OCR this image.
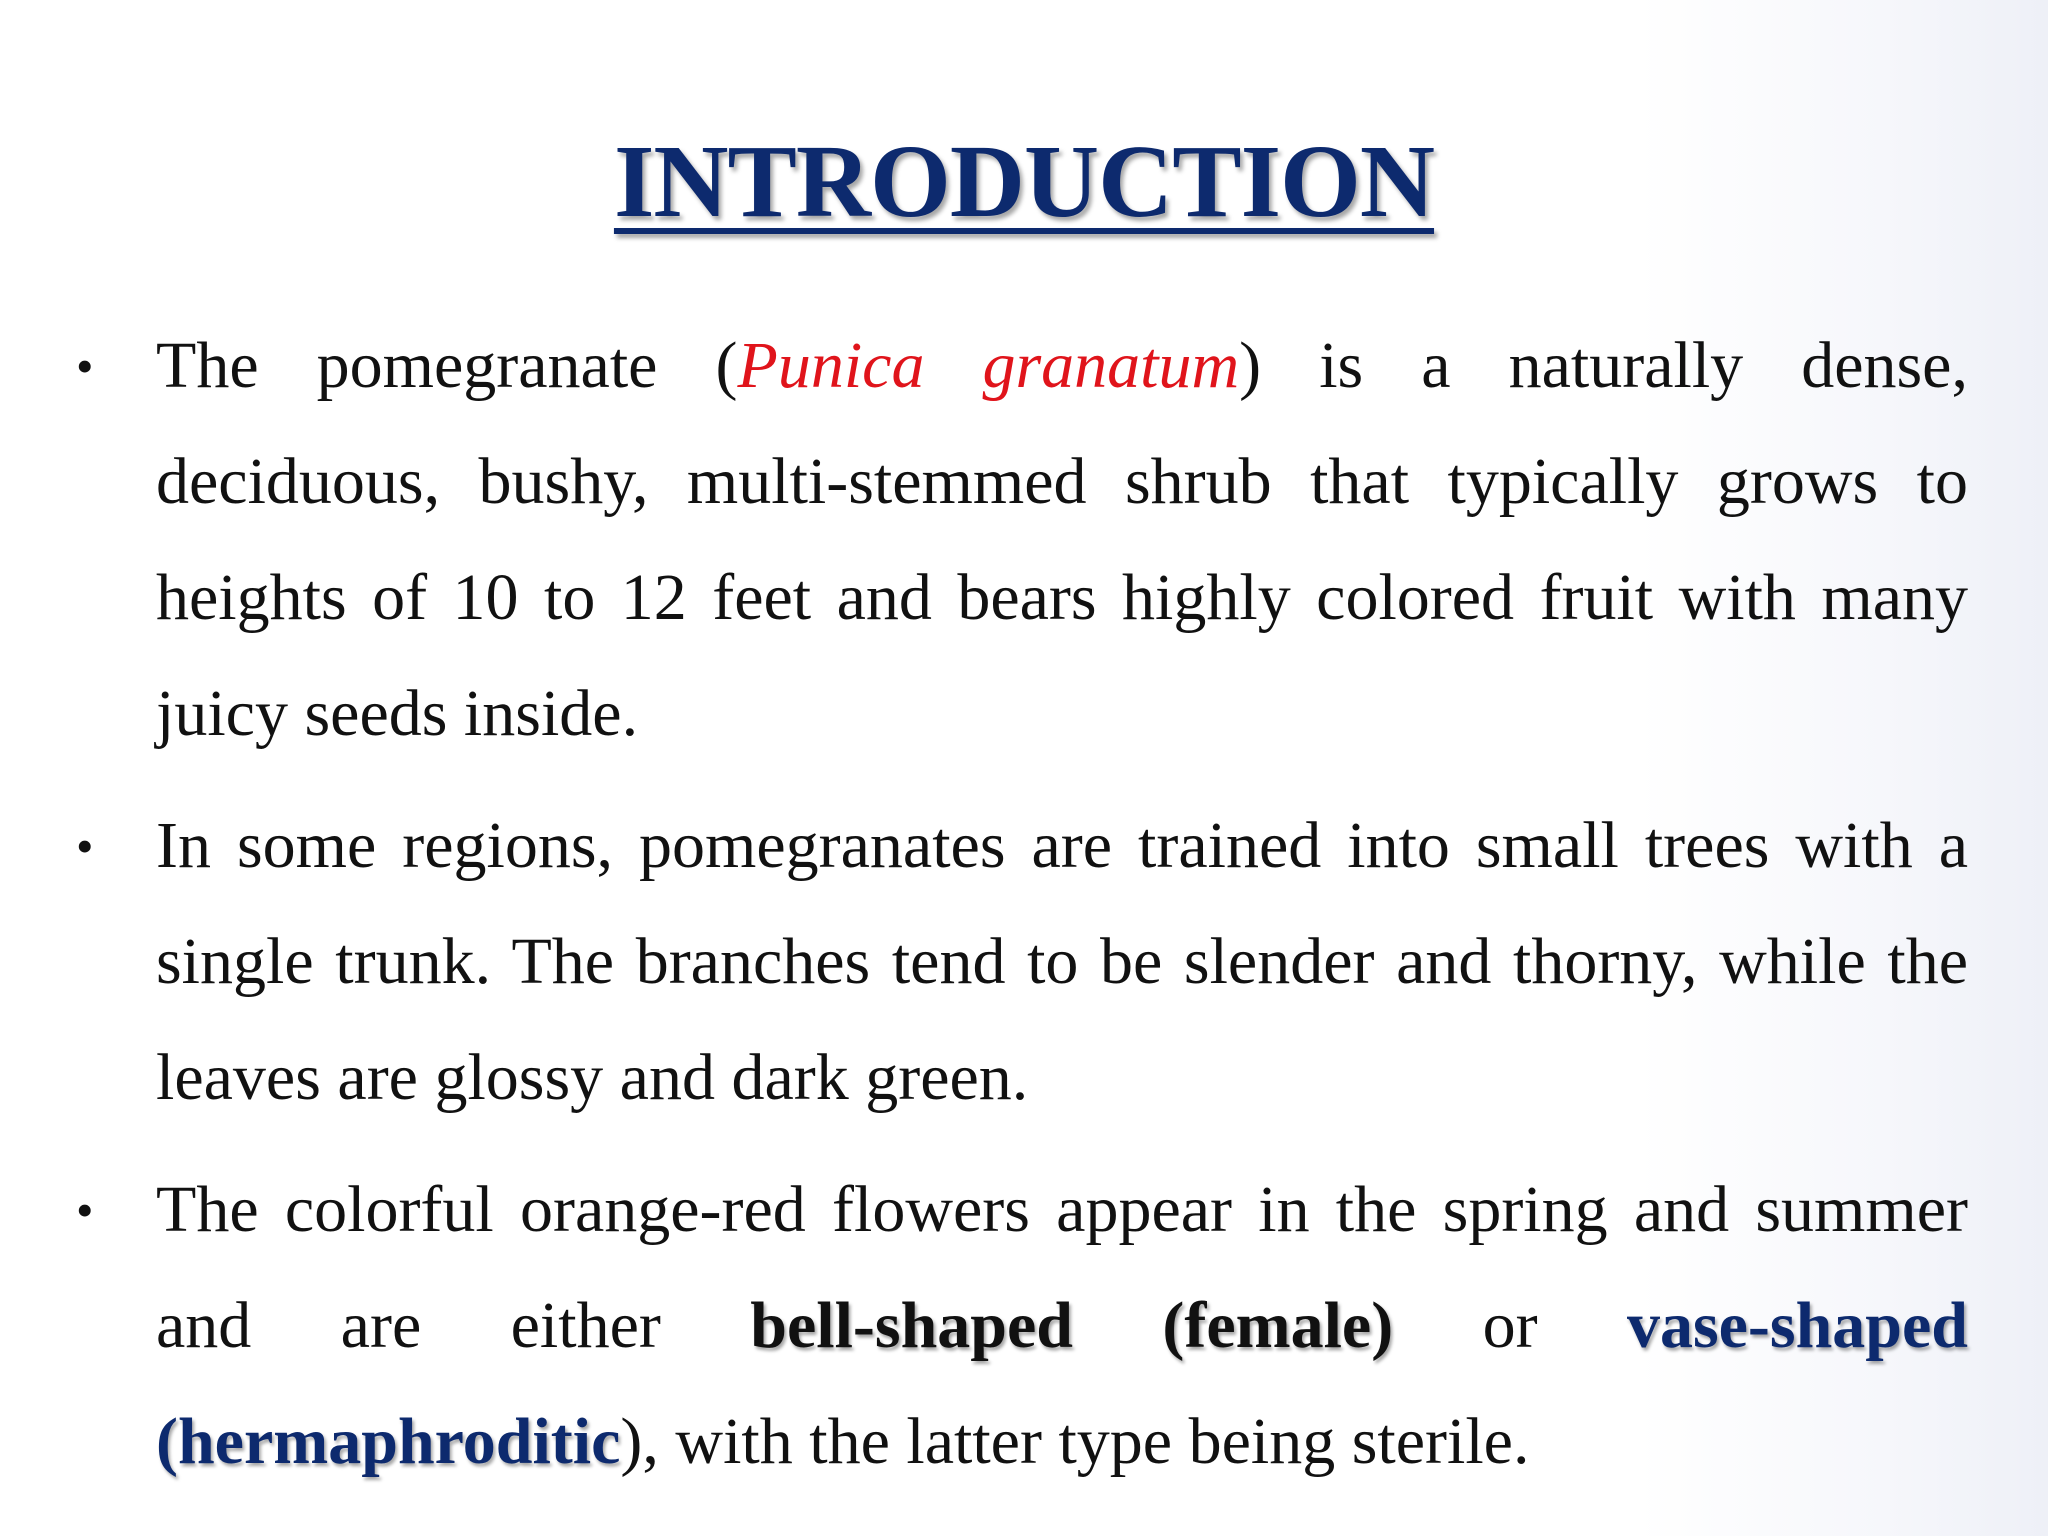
INTRODUCTION
• The pomegranate (Punica granatum) is a naturally dense, deciduous, bushy, multi-stemmed shrub that typically grows to heights of 10 to 12 feet and bears highly colored fruit with many juicy seeds inside.
• In some regions, pomegranates are trained into small trees with a single trunk. The branches tend to be slender and thorny, while the leaves are glossy and dark green.
• The colorful orange-red flowers appear in the spring and summer and are either bell-shaped (female) or vase-shaped (hermaphroditic), with the latter type being sterile.
